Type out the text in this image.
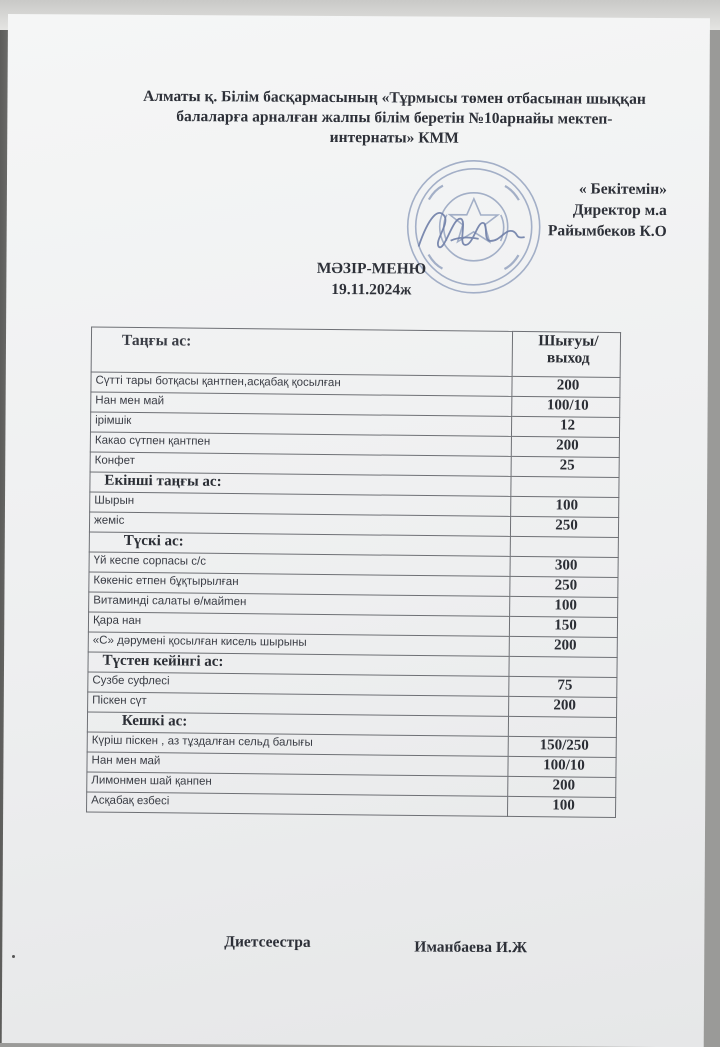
Алматы қ. Білім басқармасының «Тұрмысы төмен отбасынан шыққан
балаларға арналған жалпы білім беретін №10арнайы мектеп-
интернаты» КММ
« Бекітемін»
Директор м.а
Райымбеков К.О
МӘЗІР-МЕНЮ
19.11.2024ж
Таңғы ас:	Шығуы/выход
Сүтті тары ботқасы қантпен,асқабақ қосылған	200
Нан мен май	100/10
ірімшік	12
Какао сүтпен қантпен	200
Конфет	25
Екінші таңғы ас:	
Шырын	100
жеміс	250
Түскі ас:	
Үй кеспе сорпасы с/с	300
Көкеніс етпен бұқтырылған	250
Витаминді салаты ө/майmен	100
Қара нан	150
«С» дәрумені қосылған кисель шырыны	200
Түстен кейінгі ас:	
Сузбе суфлесі	75
Піскен сүт	200
Кешкі ас:	
Күріш піскен , аз тұздалған сельд балығы	150/250
Нан мен май	100/10
Лимонмен шай қанпен	200
Асқабақ езбесі	100
Диетсеестра	Иманбаева И.Ж
